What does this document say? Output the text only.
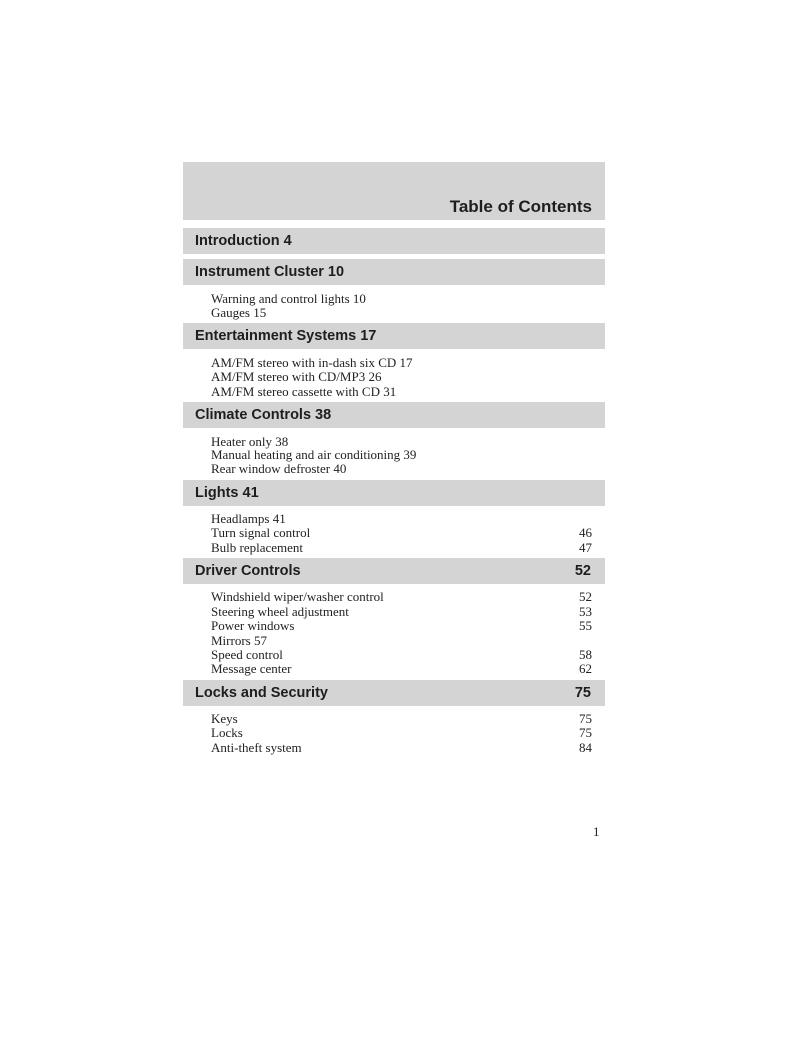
Table of Contents
Introduction 4
Instrument Cluster 10
Warning and control lights 10
Gauges 15
Entertainment Systems 17
AM/FM stereo with in-dash six CD 17
AM/FM stereo with CD/MP3 26
AM/FM stereo cassette with CD 31
Climate Controls 38
Heater only 38
Manual heating and air conditioning 39
Rear window defroster 40
Lights 41
Headlamps 41
Turn signal control	46
Bulb replacement	47
Driver Controls	52
Windshield wiper/washer control	52
Steering wheel adjustment	53
Power windows	55
Mirrors 57
Speed control	58
Message center	62
Locks and Security	75
Keys	75
Locks	75
Anti-theft system	84
1
